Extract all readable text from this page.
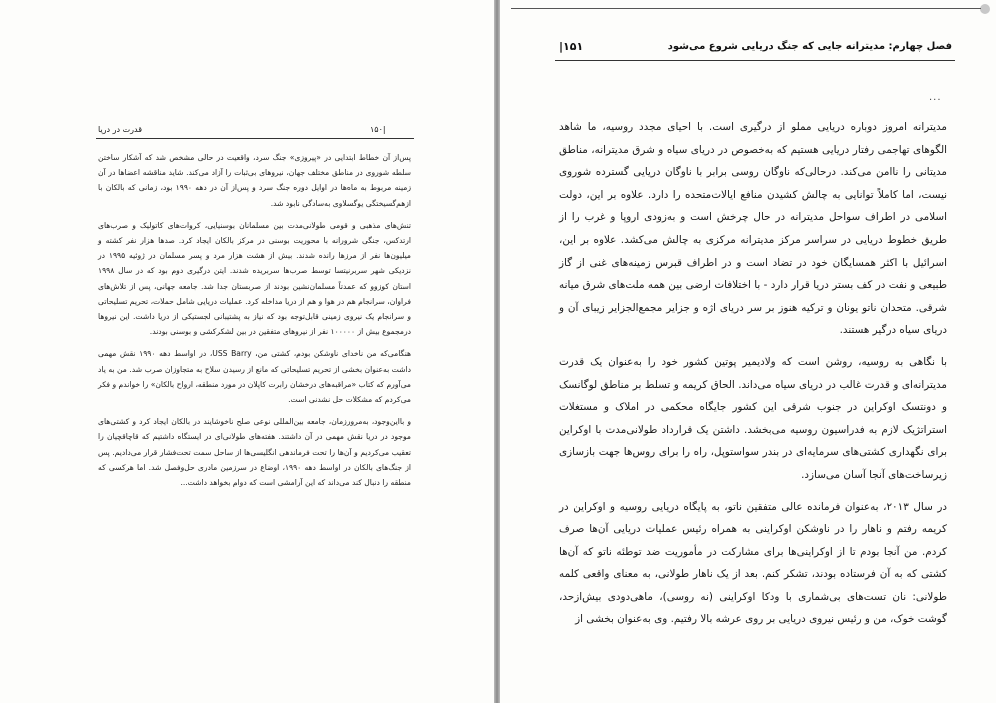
|۱۵۰
قدرت در دریا

پس‌از آن خطاط ابتدایی در «پیروزی» جنگ سرد، واقعیت در حالی مشخص شد که آشکار ساختن سلطه شوروی در مناطق مختلف جهان، نیروهای بی‌ثبات را آزاد می‌کند. شاید مناقشه اعضاها در آن زمینه مربوط به ماه‌ها در اوایل دوره جنگ سرد و پس‌از آن در دهه ۱۹۹۰ بود، زمانی که بالکان با ازهم‌گسیختگی یوگسلاوی به‌سادگی نابود شد.

تنش‌های مذهبی و قومی طولانی‌مدت بین مسلمانان بوسنیایی، کروات‌های کاتولیک و صرب‌های ارتدکس، جنگی شرورانه با محوریت بوسنی در مرکز بالکان ایجاد کرد. صدها هزار نفر کشته و میلیون‌ها نفر از مرزها رانده شدند. بیش از هشت هزار مرد و پسر مسلمان در ژوئیه ۱۹۹۵ در نزدیکی شهر سربرنیتسا توسط صرب‌ها سربریده شدند. ایتن درگیری دوم بود که در سال ۱۹۹۸ استان کوزوو که عمدتاً مسلمان‌نشین بودند از صربستان جدا شد. جامعه جهانی، پس از تلاش‌های فراوان، سرانجام هم در هوا و هم از دریا مداخله کرد. عملیات دریایی شامل حملات، تحریم تسلیحاتی و سرانجام یک نیروی زمینی قابل‌توجه بود که نیاز به پشتیبانی لجستیکی از دریا داشت. این نیروها درمجموع بیش از ۱۰۰۰۰۰ نفر از نیروهای متفقین در بین لشکرکشی و بوسنی بودند.

هنگامی‌که من ناخدای ناوشکن بودم، کشتی من، USS Barry، در اواسط دهه ۱۹۹۰ نقش مهمی داشت به‌عنوان بخشی از تحریم تسلیحاتی که مانع از رسیدن سلاح به متجاوزان صرب شد. من به یاد می‌آورم که کتاب «مراقبه‌های درخشان رابرت کاپلان در مورد منطقه، ارواح بالکان» را خواندم و فکر می‌کردم که مشکلات حل نشدنی است.

و بااین‌وجود، به‌مرورزمان، جامعه بین‌المللی نوعی صلح ناخوشایند در بالکان ایجاد کرد و کشتی‌های موجود در دریا نقش مهمی در آن داشتند. هفته‌های طولانی‌ای در ایستگاه داشتیم که قاچاقچیان را تعقیب می‌کردیم و آن‌ها را تحت فرماندهی انگلیسی‌ها از ساحل سمت تحت‌فشار قرار می‌دادیم. پس از جنگ‌های بالکان در اواسط دهه ۱۹۹۰، اوضاع در سرزمین مادری حل‌وفصل شد. اما هرکسی که منطقه را دنبال کند می‌داند که این آرامشی است که دوام بخواهد داشت...

۱۵۱|	فصل چهارم: مدیترانه جایی که جنگ دریایی شروع می‌شود
...

مدیترانه امروز دوباره دریایی مملو از درگیری است. با احیای مجدد روسیه، ما شاهد الگوهای تهاجمی رفتار دریایی هستیم که به‌خصوص در دریای سیاه و شرق مدیترانه، مناطق مدیتانی را ناامن می‌کند. درحالی‌که ناوگان روسی برابر با ناوگان دریایی گسترده شوروی نیست، اما کاملاً توانایی به چالش کشیدن منافع ایالات‌متحده را دارد. علاوه بر این، دولت اسلامی در اطراف سواحل مدیترانه در حال چرخش است و به‌زودی اروپا و غرب را از طریق خطوط دریایی در سراسر مرکز مدیترانه مرکزی به چالش می‌کشد. علاوه بر این، اسرائیل با اکثر همسایگان خود در تضاد است و در اطراف قبرس زمینه‌های غنی از گاز طبیعی و نفت در کف بستر دریا قرار دارد - با اختلافات ارضی بین همه ملت‌های شرق میانه شرقی. متحدان ناتو یونان و ترکیه هنوز بر سر دریای اژه و جزایر مجمع‌الجزایر زیبای آن و دریای سیاه درگیر هستند.

با نگاهی به روسیه، روشن است که ولادیمیر پوتین کشور خود را به‌عنوان یک قدرت مدیترانه‌ای و قدرت غالب در دریای سیاه می‌داند. الحاق کریمه و تسلط بر مناطق لوگانسک و دونتسک اوکراین در جنوب شرقی این کشور جایگاه محکمی در املاک و مستغلات استراتژیک لازم به فدراسیون روسیه می‌بخشد. داشتن یک قرارداد طولانی‌مدت با اوکراین برای نگهداری کشتی‌های سرمایه‌ای در بندر سواستوپل، راه را برای روس‌ها جهت بازسازی زیرساخت‌های آنجا آسان می‌سازد.

در سال ۲۰۱۳، به‌عنوان فرمانده عالی متفقین ناتو، به پایگاه دریایی روسیه و اوکراین در کریمه رفتم و ناهار را در ناوشکن اوکراینی به همراه رئیس عملیات دریایی آن‌ها صرف کردم. من آنجا بودم تا از اوکراینی‌ها برای مشارکت در مأموریت ضد توطئه ناتو که آن‌ها کشتی که به آن فرستاده بودند، تشکر کنم. بعد از یک ناهار طولانی، به معنای واقعی کلمه طولانی: نان تست‌های بی‌شماری با ودکا اوکراینی (نه روسی)، ماهی‌دودی بیش‌ازحد، گوشت خوک، من و رئیس نیروی دریایی بر روی عرشه بالا رفتیم. وی به‌عنوان بخشی از
